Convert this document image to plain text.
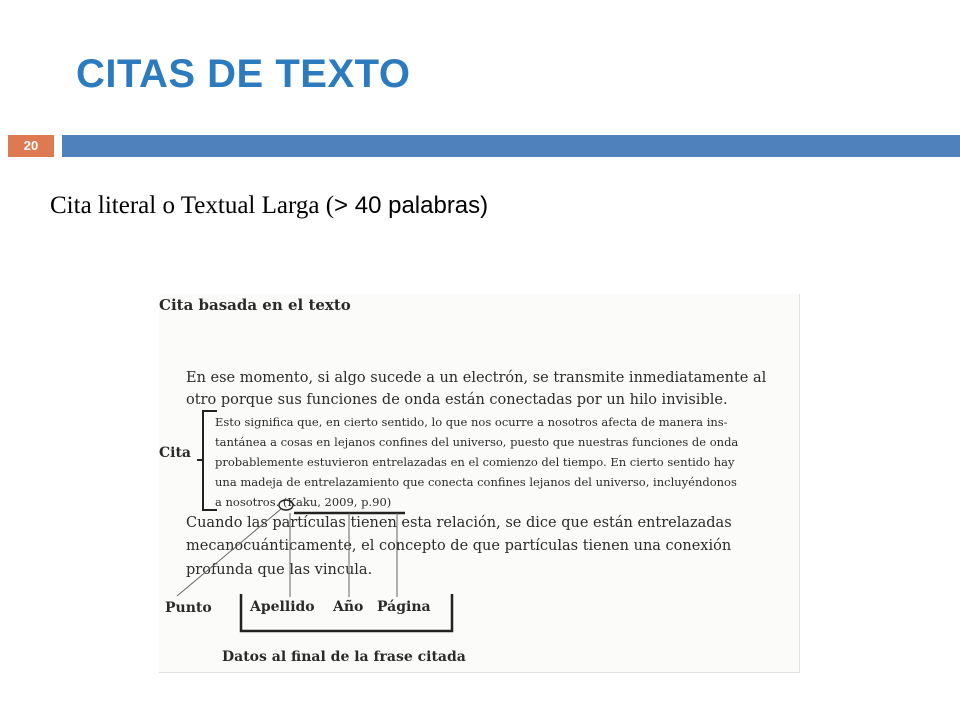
CITAS DE TEXTO
20
Cita literal o Textual Larga (> 40 palabras)
Cita basada en el texto
En ese momento, si algo sucede a un electrón, se transmite inmediatamente al
otro porque sus funciones de onda están conectadas por un hilo invisible.
Esto significa que, en cierto sentido, lo que nos ocurre a nosotros afecta de manera ins-
tantánea a cosas en lejanos confines del universo, puesto que nuestras funciones de onda
probablemente estuvieron entrelazadas en el comienzo del tiempo. En cierto sentido hay
una madeja de entrelazamiento que conecta confines lejanos del universo, incluyéndonos
a nosotros. (Kaku, 2009, p.90)
Cuando las partículas tienen esta relación, se dice que están entrelazadas
mecanocuánticamente, el concepto de que partículas tienen una conexión
profunda que las vincula.
Cita
Punto	Apellido Año Página
Datos al final de la frase citada
